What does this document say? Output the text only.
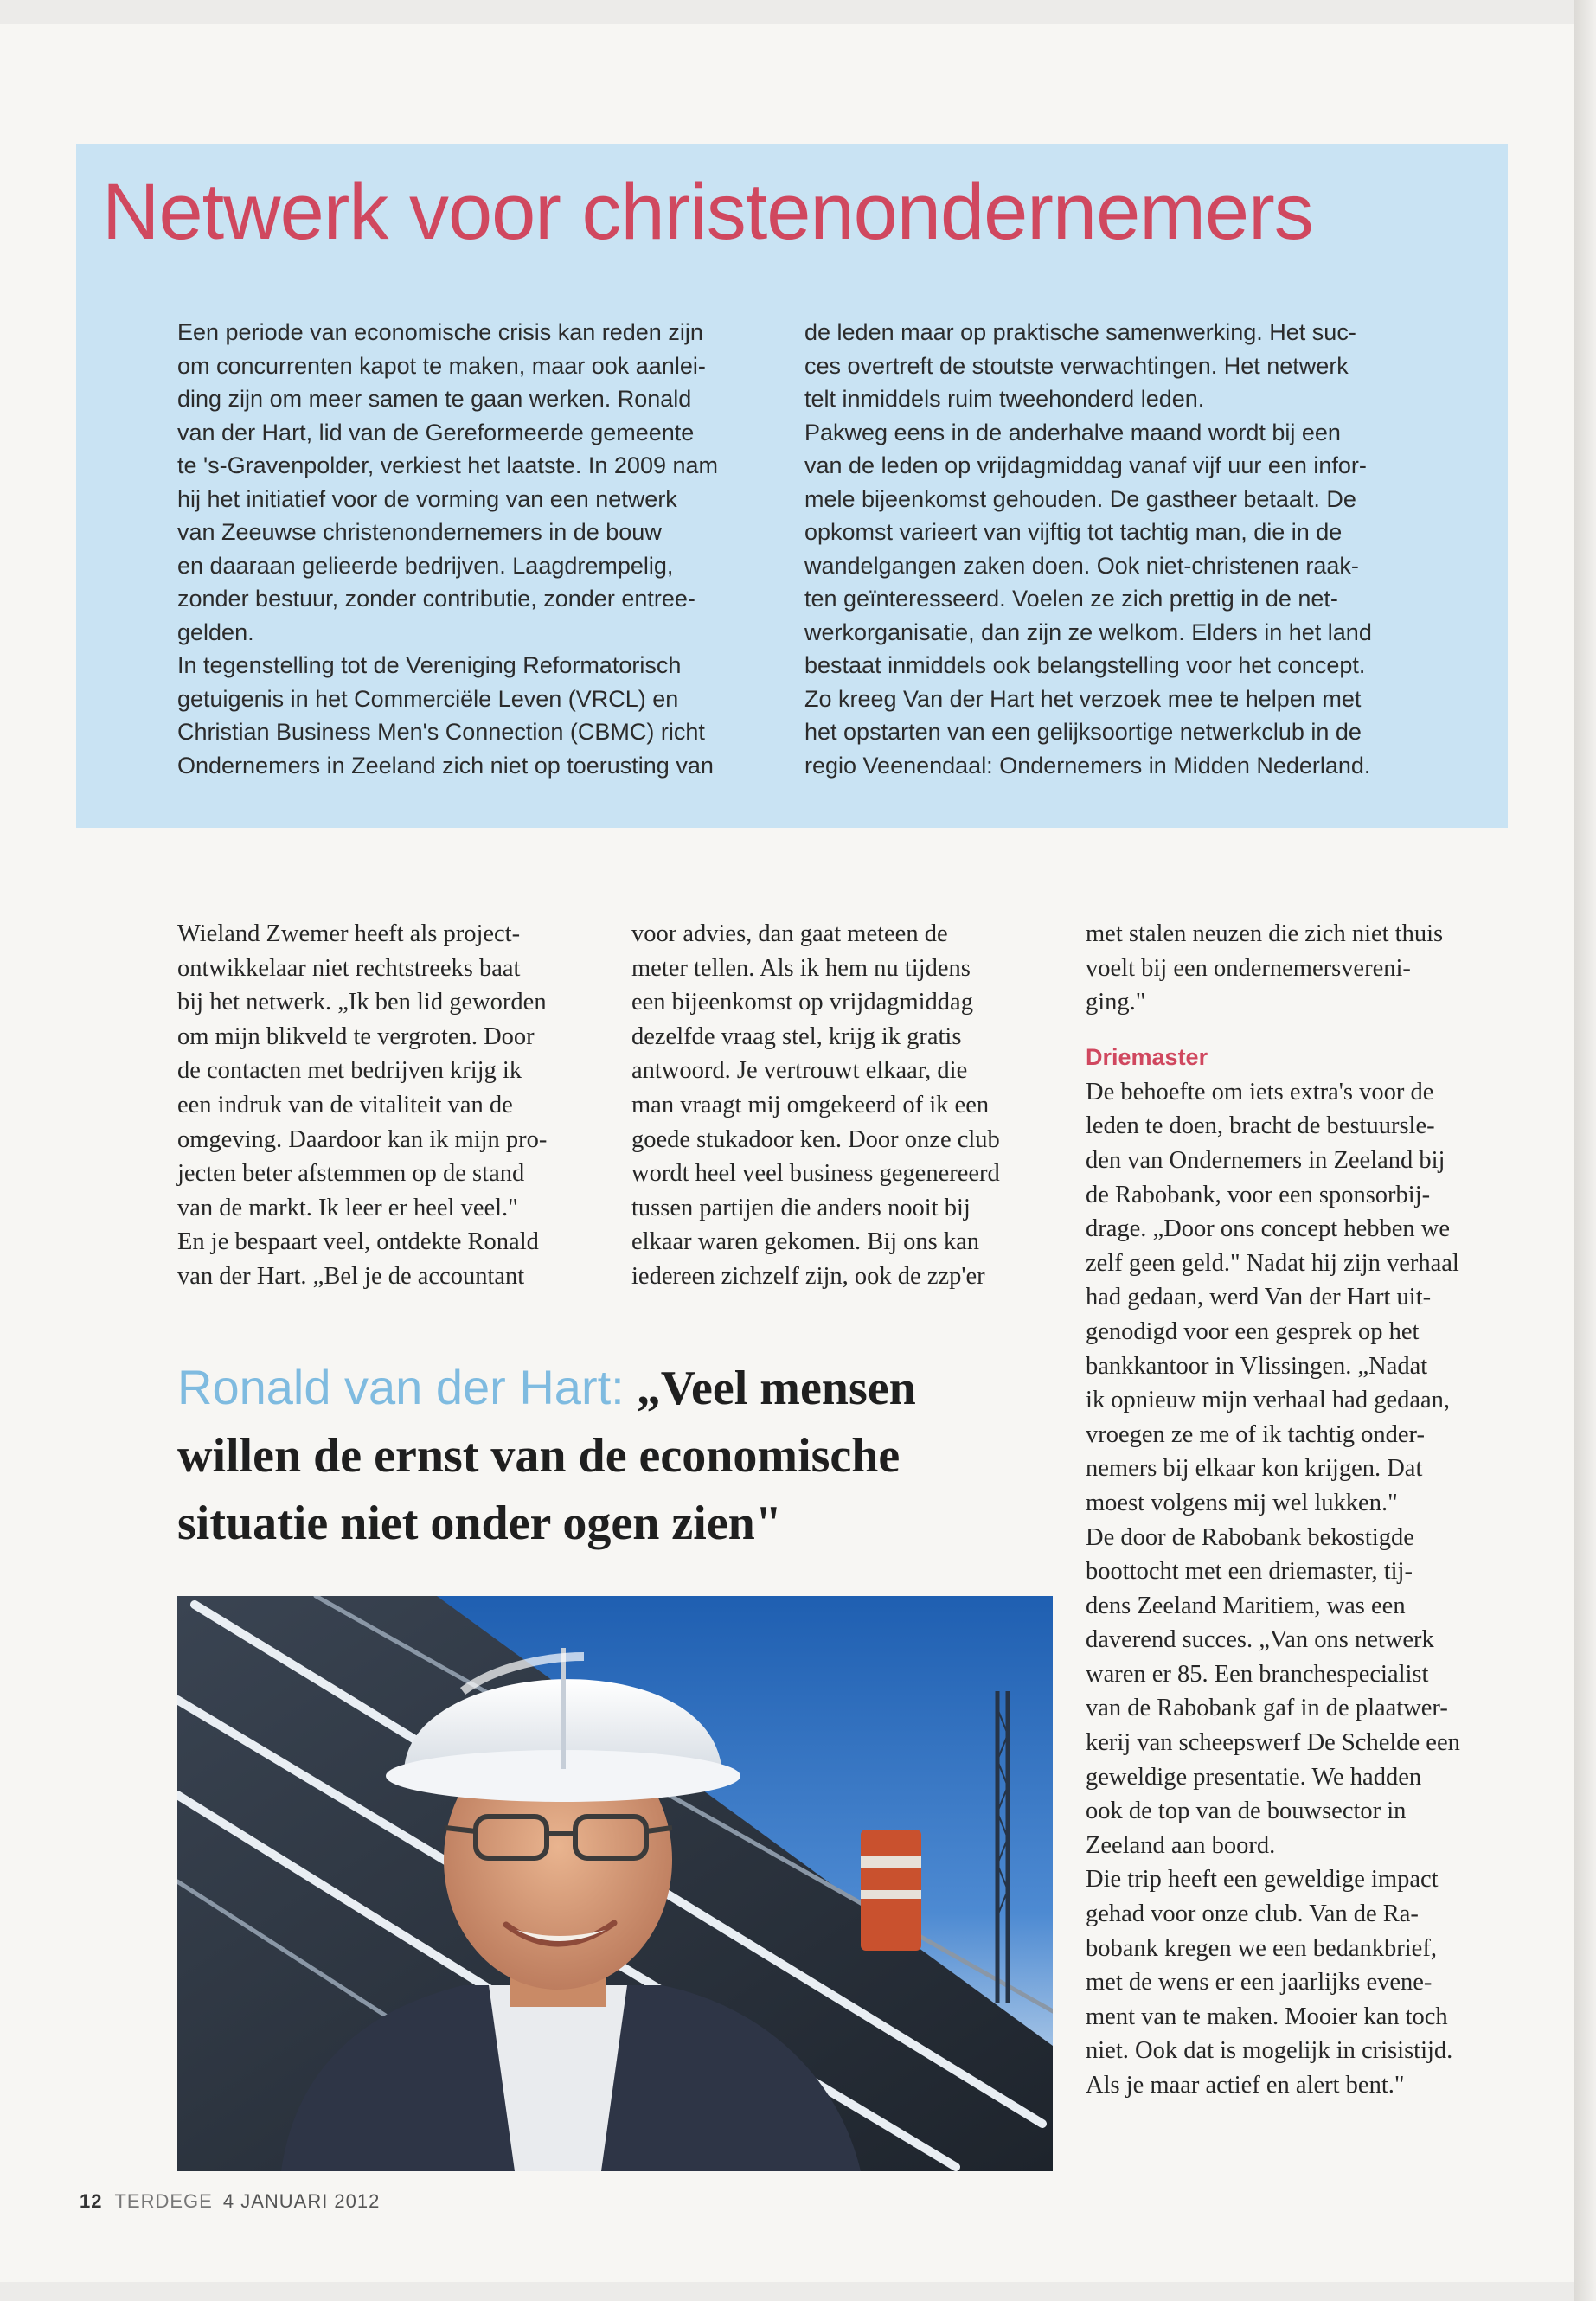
Netwerk voor christenondernemers

Een periode van economische crisis kan reden zijn

om concurrenten kapot te maken, maar ook aanlei-

ding zijn om meer samen te gaan werken. Ronald

van der Hart, lid van de Gereformeerde gemeente

te 's-Gravenpolder, verkiest het laatste. In 2009 nam

hij het initiatief voor de vorming van een netwerk

van Zeeuwse christenondernemers in de bouw

en daaraan gelieerde bedrijven. Laagdrempelig,

zonder bestuur, zonder contributie, zonder entree-

gelden.

In tegenstelling tot de Vereniging Reformatorisch

getuigenis in het Commerciële Leven (VRCL) en

Christian Business Men's Connection (CBMC) richt

Ondernemers in Zeeland zich niet op toerusting van

de leden maar op praktische samenwerking. Het suc-

ces overtreft de stoutste verwachtingen. Het netwerk

telt inmiddels ruim tweehonderd leden.

Pakweg eens in de anderhalve maand wordt bij een

van de leden op vrijdagmiddag vanaf vijf uur een infor-

mele bijeenkomst gehouden. De gastheer betaalt. De

opkomst varieert van vijftig tot tachtig man, die in de

wandelgangen zaken doen. Ook niet-christenen raak-

ten geïnteresseerd. Voelen ze zich prettig in de net-

werkorganisatie, dan zijn ze welkom. Elders in het land

bestaat inmiddels ook belangstelling voor het concept.

Zo kreeg Van der Hart het verzoek mee te helpen met

het opstarten van een gelijksoortige netwerkclub in de

regio Veenendaal: Ondernemers in Midden Nederland.

Wieland Zwemer heeft als project-

ontwikkelaar niet rechtstreeks baat

bij het netwerk. „Ik ben lid geworden

om mijn blikveld te vergroten. Door

de contacten met bedrijven krijg ik

een indruk van de vitaliteit van de

omgeving. Daardoor kan ik mijn pro-

jecten beter afstemmen op de stand

van de markt. Ik leer er heel veel."

En je bespaart veel, ontdekte Ronald

van der Hart. „Bel je de accountant

voor advies, dan gaat meteen de

meter tellen. Als ik hem nu tijdens

een bijeenkomst op vrijdagmiddag

dezelfde vraag stel, krijg ik gratis

antwoord. Je vertrouwt elkaar, die

man vraagt mij omgekeerd of ik een

goede stukadoor ken. Door onze club

wordt heel veel business gegenereerd

tussen partijen die anders nooit bij

elkaar waren gekomen. Bij ons kan

iedereen zichzelf zijn, ook de zzp'er

met stalen neuzen die zich niet thuis

voelt bij een ondernemersvereni-

ging."

Driemaster

De behoefte om iets extra's voor de

leden te doen, bracht de bestuursle-

den van Ondernemers in Zeeland bij

de Rabobank, voor een sponsorbij-

drage. „Door ons concept hebben we

zelf geen geld." Nadat hij zijn verhaal

had gedaan, werd Van der Hart uit-

genodigd voor een gesprek op het

bankkantoor in Vlissingen. „Nadat

ik opnieuw mijn verhaal had gedaan,

vroegen ze me of ik tachtig onder-

nemers bij elkaar kon krijgen. Dat

moest volgens mij wel lukken."

De door de Rabobank bekostigde

boottocht met een driemaster, tij-

dens Zeeland Maritiem, was een

daverend succes. „Van ons netwerk

waren er 85. Een branchespecialist

van de Rabobank gaf in de plaatwer-

kerij van scheepswerf De Schelde een

geweldige presentatie. We hadden

ook de top van de bouwsector in

Zeeland aan boord.

Die trip heeft een geweldige impact

gehad voor onze club. Van de Ra-

bobank kregen we een bedankbrief,

met de wens er een jaarlijks evene-

ment van te maken. Mooier kan toch

niet. Ook dat is mogelijk in crisistijd.

Als je maar actief en alert bent."

Ronald van der Hart: „Veel mensen
willen de ernst van de economische
situatie niet onder ogen zien"
12 TERDEGE 4 JANUARI 2012
